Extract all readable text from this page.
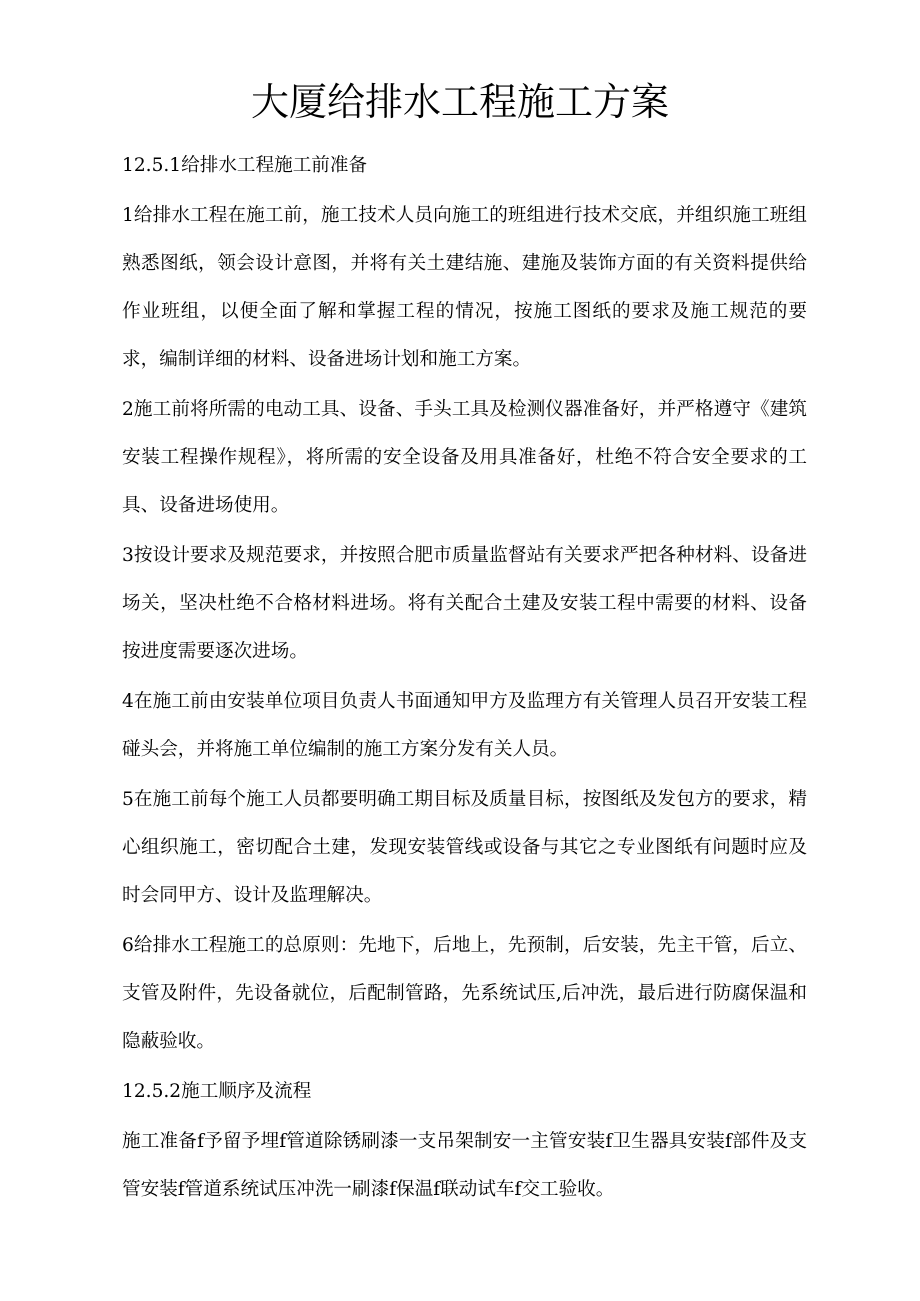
大厦给排水工程施工方案

12.5.1给排水工程施工前准备

1给排水工程在施工前，施工技术人员向施工的班组进行技术交底，并组织施工班组熟悉图纸，领会设计意图，并将有关土建结施、建施及装饰方面的有关资料提供给作业班组，以便全面了解和掌握工程的情况，按施工图纸的要求及施工规范的要求，编制详细的材料、设备进场计划和施工方案。

2施工前将所需的电动工具、设备、手头工具及检测仪器准备好，并严格遵守《建筑安装工程操作规程》，将所需的安全设备及用具准备好，杜绝不符合安全要求的工具、设备进场使用。

3按设计要求及规范要求，并按照合肥市质量监督站有关要求严把各种材料、设备进场关，坚决杜绝不合格材料进场。将有关配合土建及安装工程中需要的材料、设备按进度需要逐次进场。

4在施工前由安装单位项目负责人书面通知甲方及监理方有关管理人员召开安装工程碰头会，并将施工单位编制的施工方案分发有关人员。

5在施工前每个施工人员都要明确工期目标及质量目标，按图纸及发包方的要求，精心组织施工，密切配合土建，发现安装管线或设备与其它之专业图纸有问题时应及时会同甲方、设计及监理解决。

6给排水工程施工的总原则：先地下，后地上，先预制，后安装，先主干管，后立、支管及附件，先设备就位，后配制管路，先系统试压,后冲洗，最后进行防腐保温和隐蔽验收。

12.5.2施工顺序及流程

施工准备f予留予埋f管道除锈刷漆一支吊架制安一主管安装f卫生器具安装f部件及支管安装f管道系统试压冲洗一刷漆f保温f联动试车f交工验收。
